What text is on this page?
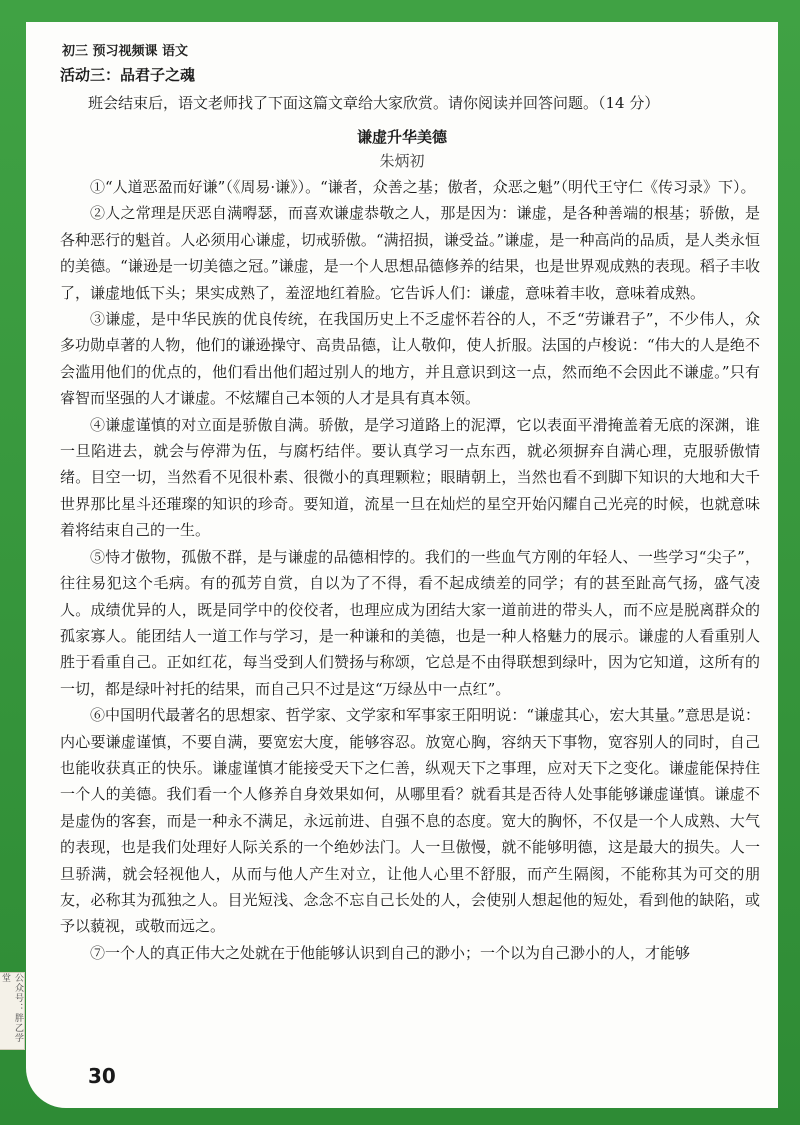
初三 预习视频课 语文
活动三：品君子之魂
班会结束后，语文老师找了下面这篇文章给大家欣赏。请你阅读并回答问题。（14 分）
谦虚升华美德
朱炳初

①“人道恶盈而好谦”（《周易·谦》）。“谦者，众善之基；傲者，众恶之魁”（明代王守仁《传习录》下）。

②人之常理是厌恶自满嘚瑟，而喜欢谦虚恭敬之人，那是因为：谦虚，是各种善端的根基；骄傲，是各种恶行的魁首。人必须用心谦虚，切戒骄傲。“满招损，谦受益。”谦虚，是一种高尚的品质，是人类永恒的美德。“谦逊是一切美德之冠。”谦虚，是一个人思想品德修养的结果，也是世界观成熟的表现。稻子丰收了，谦虚地低下头；果实成熟了，羞涩地红着脸。它告诉人们：谦虚，意味着丰收，意味着成熟。

③谦虚，是中华民族的优良传统，在我国历史上不乏虚怀若谷的人，不乏“劳谦君子”，不少伟人，众多功勋卓著的人物，他们的谦逊操守、高贵品德，让人敬仰，使人折服。法国的卢梭说：“伟大的人是绝不会滥用他们的优点的，他们看出他们超过别人的地方，并且意识到这一点，然而绝不会因此不谦虚。”只有睿智而坚强的人才谦虚。不炫耀自己本领的人才是具有真本领。

④谦虚谨慎的对立面是骄傲自满。骄傲，是学习道路上的泥潭，它以表面平滑掩盖着无底的深渊，谁一旦陷进去，就会与停滞为伍，与腐朽结伴。要认真学习一点东西，就必须摒弃自满心理，克服骄傲情绪。目空一切，当然看不见很朴素、很微小的真理颗粒；眼睛朝上，当然也看不到脚下知识的大地和大千世界那比星斗还璀璨的知识的珍奇。要知道，流星一旦在灿烂的星空开始闪耀自己光亮的时候，也就意味着将结束自己的一生。

⑤恃才傲物，孤傲不群，是与谦虚的品德相悖的。我们的一些血气方刚的年轻人、一些学习“尖子”，往往易犯这个毛病。有的孤芳自赏，自以为了不得，看不起成绩差的同学；有的甚至趾高气扬，盛气凌人。成绩优异的人，既是同学中的佼佼者，也理应成为团结大家一道前进的带头人，而不应是脱离群众的孤家寡人。能团结人一道工作与学习，是一种谦和的美德，也是一种人格魅力的展示。谦虚的人看重别人胜于看重自己。正如红花，每当受到人们赞扬与称颂，它总是不由得联想到绿叶，因为它知道，这所有的一切，都是绿叶衬托的结果，而自己只不过是这“万绿丛中一点红”。

⑥中国明代最著名的思想家、哲学家、文学家和军事家王阳明说：“谦虚其心，宏大其量。”意思是说：内心要谦虚谨慎，不要自满，要宽宏大度，能够容忍。放宽心胸，容纳天下事物，宽容别人的同时，自己也能收获真正的快乐。谦虚谨慎才能接受天下之仁善，纵观天下之事理，应对天下之变化。谦虚能保持住一个人的美德。我们看一个人修养自身效果如何，从哪里看？就看其是否待人处事能够谦虚谨慎。谦虚不是虚伪的客套，而是一种永不满足，永远前进、自强不息的态度。宽大的胸怀，不仅是一个人成熟、大气的表现，也是我们处理好人际关系的一个绝妙法门。人一旦傲慢，就不能够明德，这是最大的损失。人一旦骄满，就会轻视他人，从而与他人产生对立，让他人心里不舒服，而产生隔阂，不能称其为可交的朋友，必称其为孤独之人。目光短浅、念念不忘自己长处的人，会使别人想起他的短处，看到他的缺陷，或予以藐视，或敬而远之。

⑦一个人的真正伟大之处就在于他能够认识到自己的渺小；一个以为自己渺小的人，才能够

30
公众号：胖乙学堂
